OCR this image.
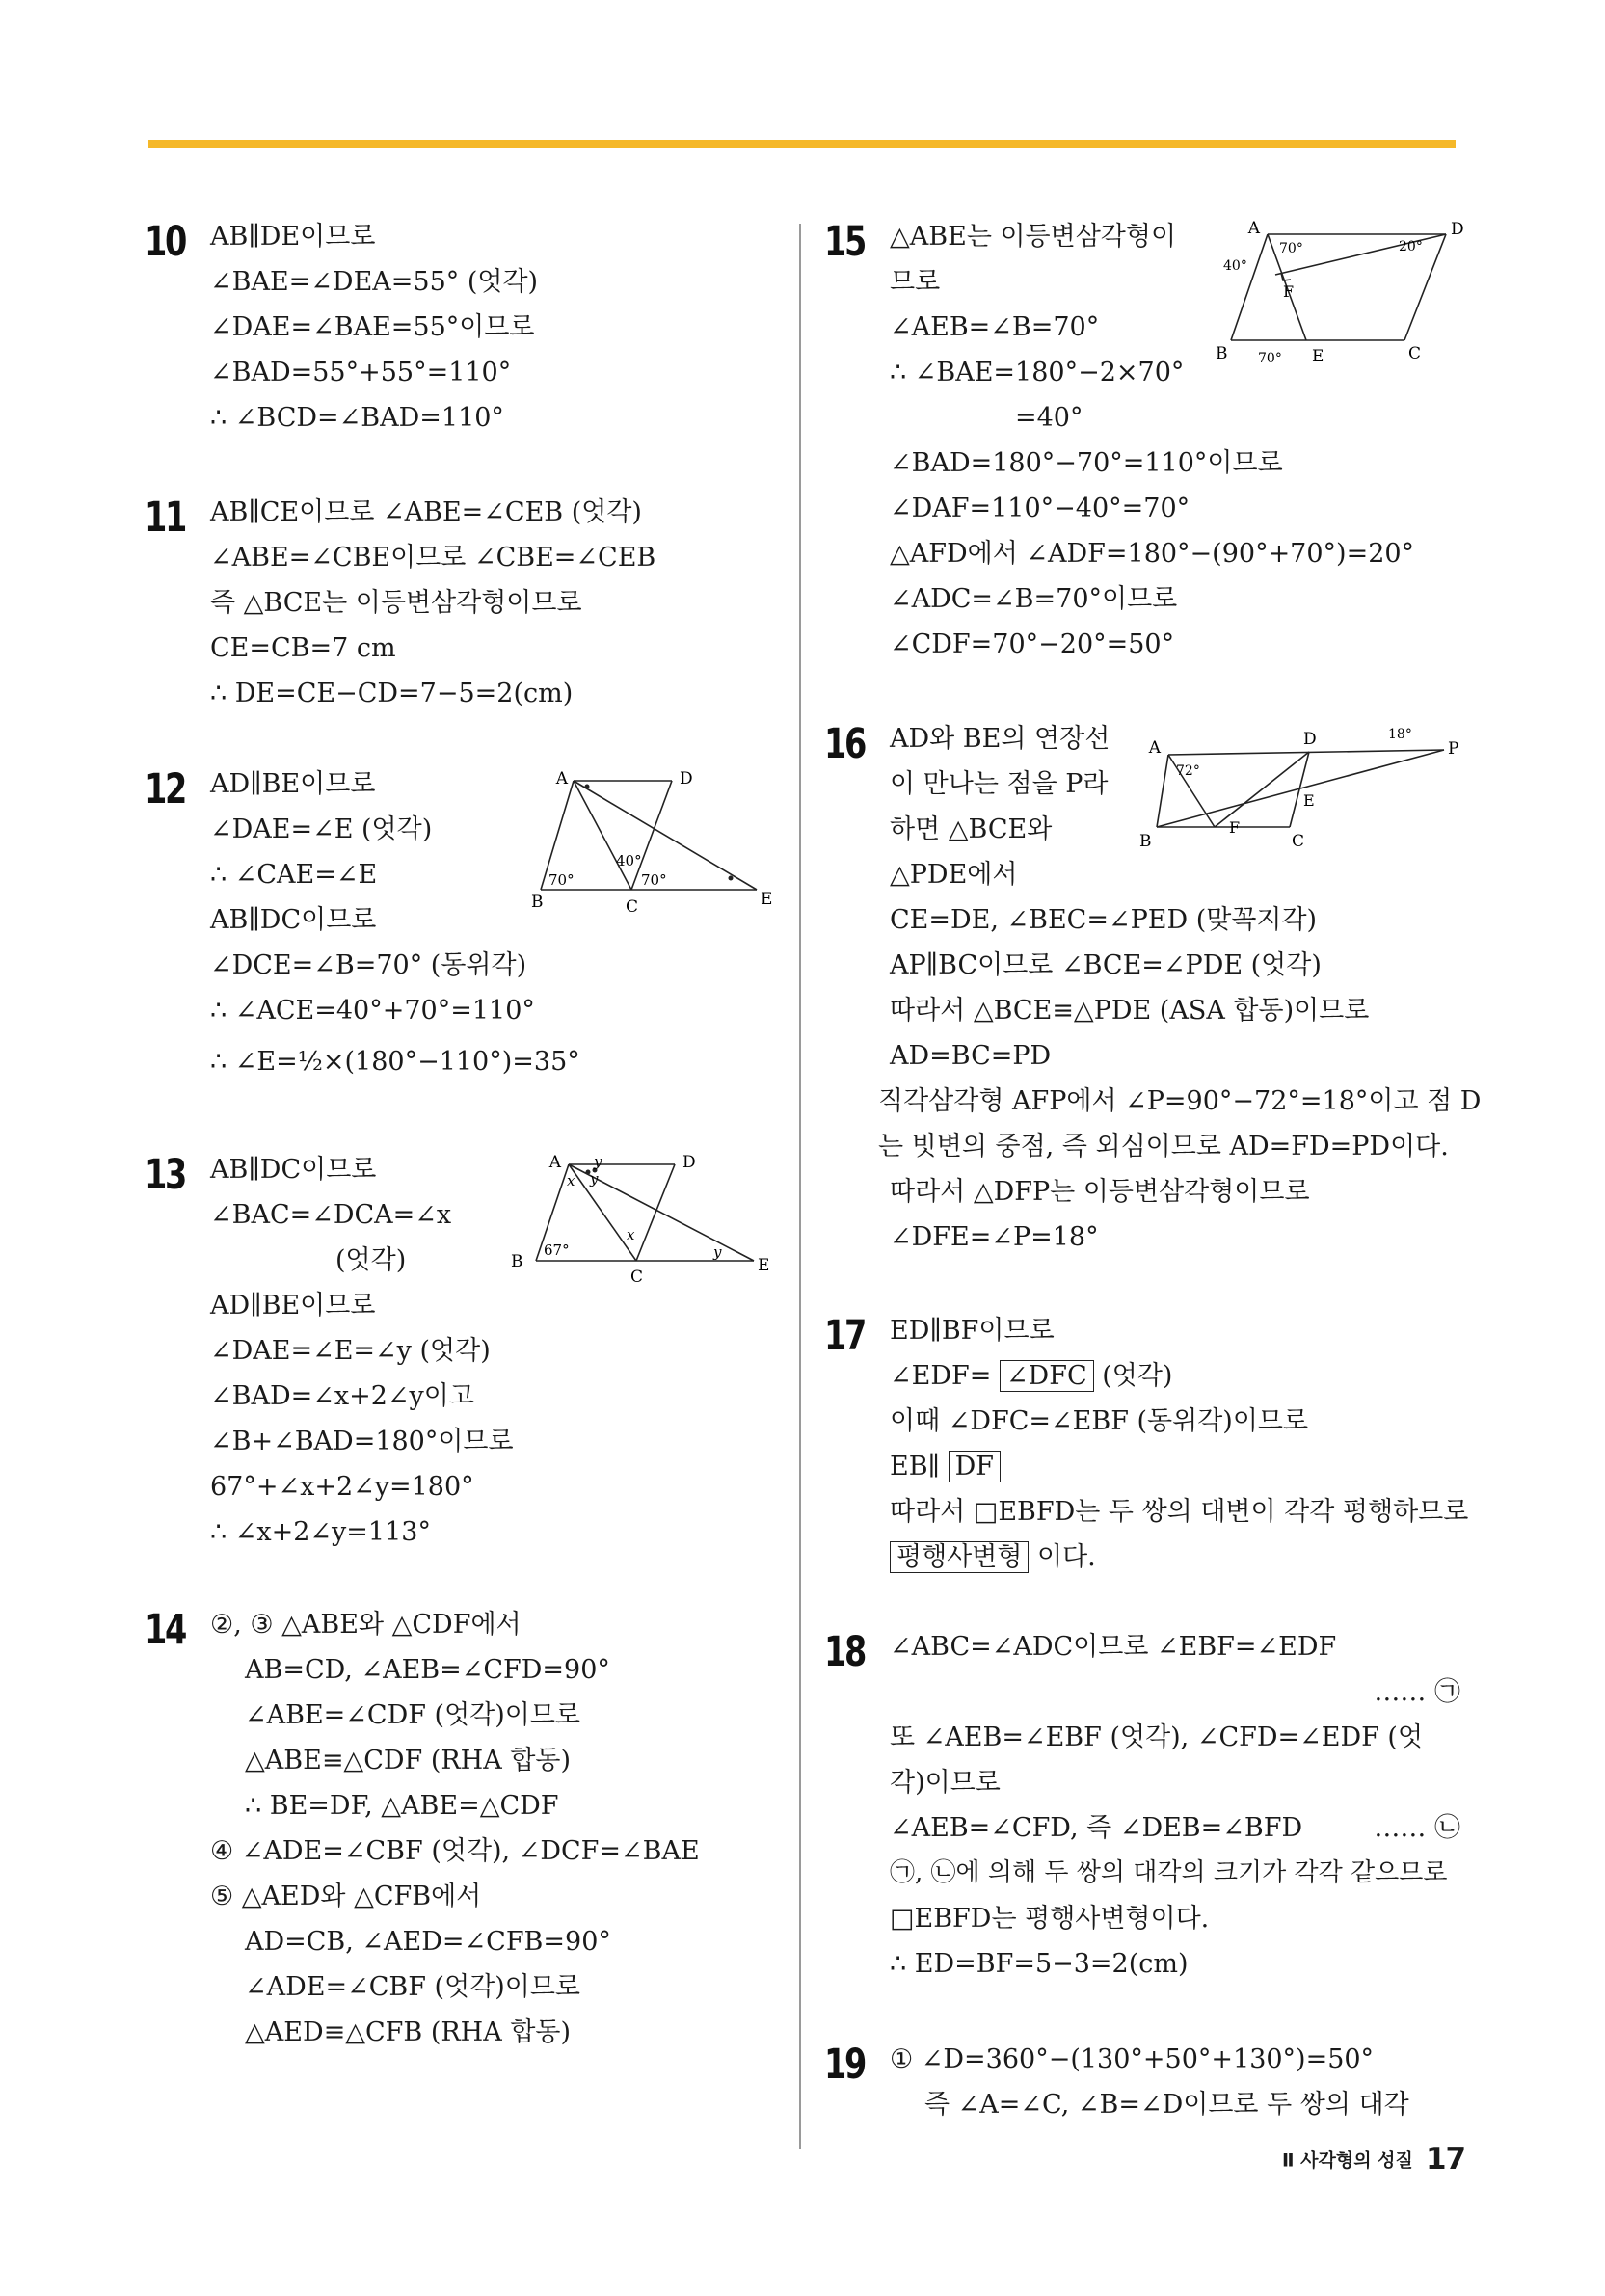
10 AB∥DE이므로
∠BAE=∠DEA=55° (엇각)
∠DAE=∠BAE=55°이므로
∠BAD=55°+55°=110°
∴ ∠BCD=∠BAD=110°
11 AB∥CE이므로 ∠ABE=∠CEB (엇각)
∠ABE=∠CBE이므로 ∠CBE=∠CEB
즉 △BCE는 이등변삼각형이므로
CE=CB=7 cm
∴ DE=CE−CD=7−5=2(cm)
12 AD∥BE이므로
∠DAE=∠E (엇각)
∴ ∠CAE=∠E
AB∥DC이므로
∠DCE=∠B=70° (동위각)
∴ ∠ACE=40°+70°=110°
∴ ∠E=½×(180°−110°)=35°
13 AB∥DC이므로
∠BAC=∠DCA=∠x
(엇각)
AD∥BE이므로
∠DAE=∠E=∠y (엇각)
∠BAD=∠x+2∠y이고
∠B+∠BAD=180°이므로
67°+∠x+2∠y=180°
∴ ∠x+2∠y=113°
14 ②, ③ △ABE와 △CDF에서
AB=CD, ∠AEB=∠CFD=90°
∠ABE=∠CDF (엇각)이므로
△ABE≡△CDF (RHA 합동)
∴ BE=DF, △ABE=△CDF
④ ∠ADE=∠CBF (엇각), ∠DCF=∠BAE
⑤ △AED와 △CFB에서
AD=CB, ∠AED=∠CFB=90°
∠ADE=∠CBF (엇각)이므로
△AED≡△CFB (RHA 합동)
A	D
B	C	E
70°
40°
70°
A	D
B
C
E
67°
x
x
y
y
y
15 △ABE는 이등변삼각형이
므로
∠AEB=∠B=70°
∴ ∠BAE=180°−2×70°
=40°
∠BAD=180°−70°=110°이므로
∠DAF=110°−40°=70°
△AFD에서 ∠ADF=180°−(90°+70°)=20°
∠ADC=∠B=70°이므로
∠CDF=70°−20°=50°
16 AD와 BE의 연장선
이 만나는 점을 P라
하면 △BCE와
△PDE에서
CE=DE, ∠BEC=∠PED (맞꼭지각)
AP∥BC이므로 ∠BCE=∠PDE (엇각)
따라서 △BCE≡△PDE (ASA 합동)이므로
AD=BC=PD
직각삼각형 AFP에서 ∠P=90°−72°=18°이고 점 D
는 빗변의 중점, 즉 외심이므로 AD=FD=PD이다.
따라서 △DFP는 이등변삼각형이므로
∠DFE=∠P=18°
17 ED∥BF이므로
∠EDF= ∠DFC (엇각)
이때 ∠DFC=∠EBF (동위각)이므로
EB∥ DF
따라서 □EBFD는 두 쌍의 대변이 각각 평행하므로
평행사변형 이다.
18 ∠ABC=∠ADC이므로 ∠EBF=∠EDF
…… ㉠
또 ∠AEB=∠EBF (엇각), ∠CFD=∠EDF (엇
각)이므로
∠AEB=∠CFD, 즉 ∠DEB=∠BFD	…… ㉡
㉠, ㉡에 의해 두 쌍의 대각의 크기가 각각 같으므로
□EBFD는 평행사변형이다.
∴ ED=BF=5−3=2(cm)
19 ① ∠D=360°−(130°+50°+130°)=50°
즉 ∠A=∠C, ∠B=∠D이므로 두 쌍의 대각
A	D
B	E	C
F
40°
70°	20°
70°
A	D	P
B	C
E
F
72°
18°
Ⅱ 사각형의 성질 17
